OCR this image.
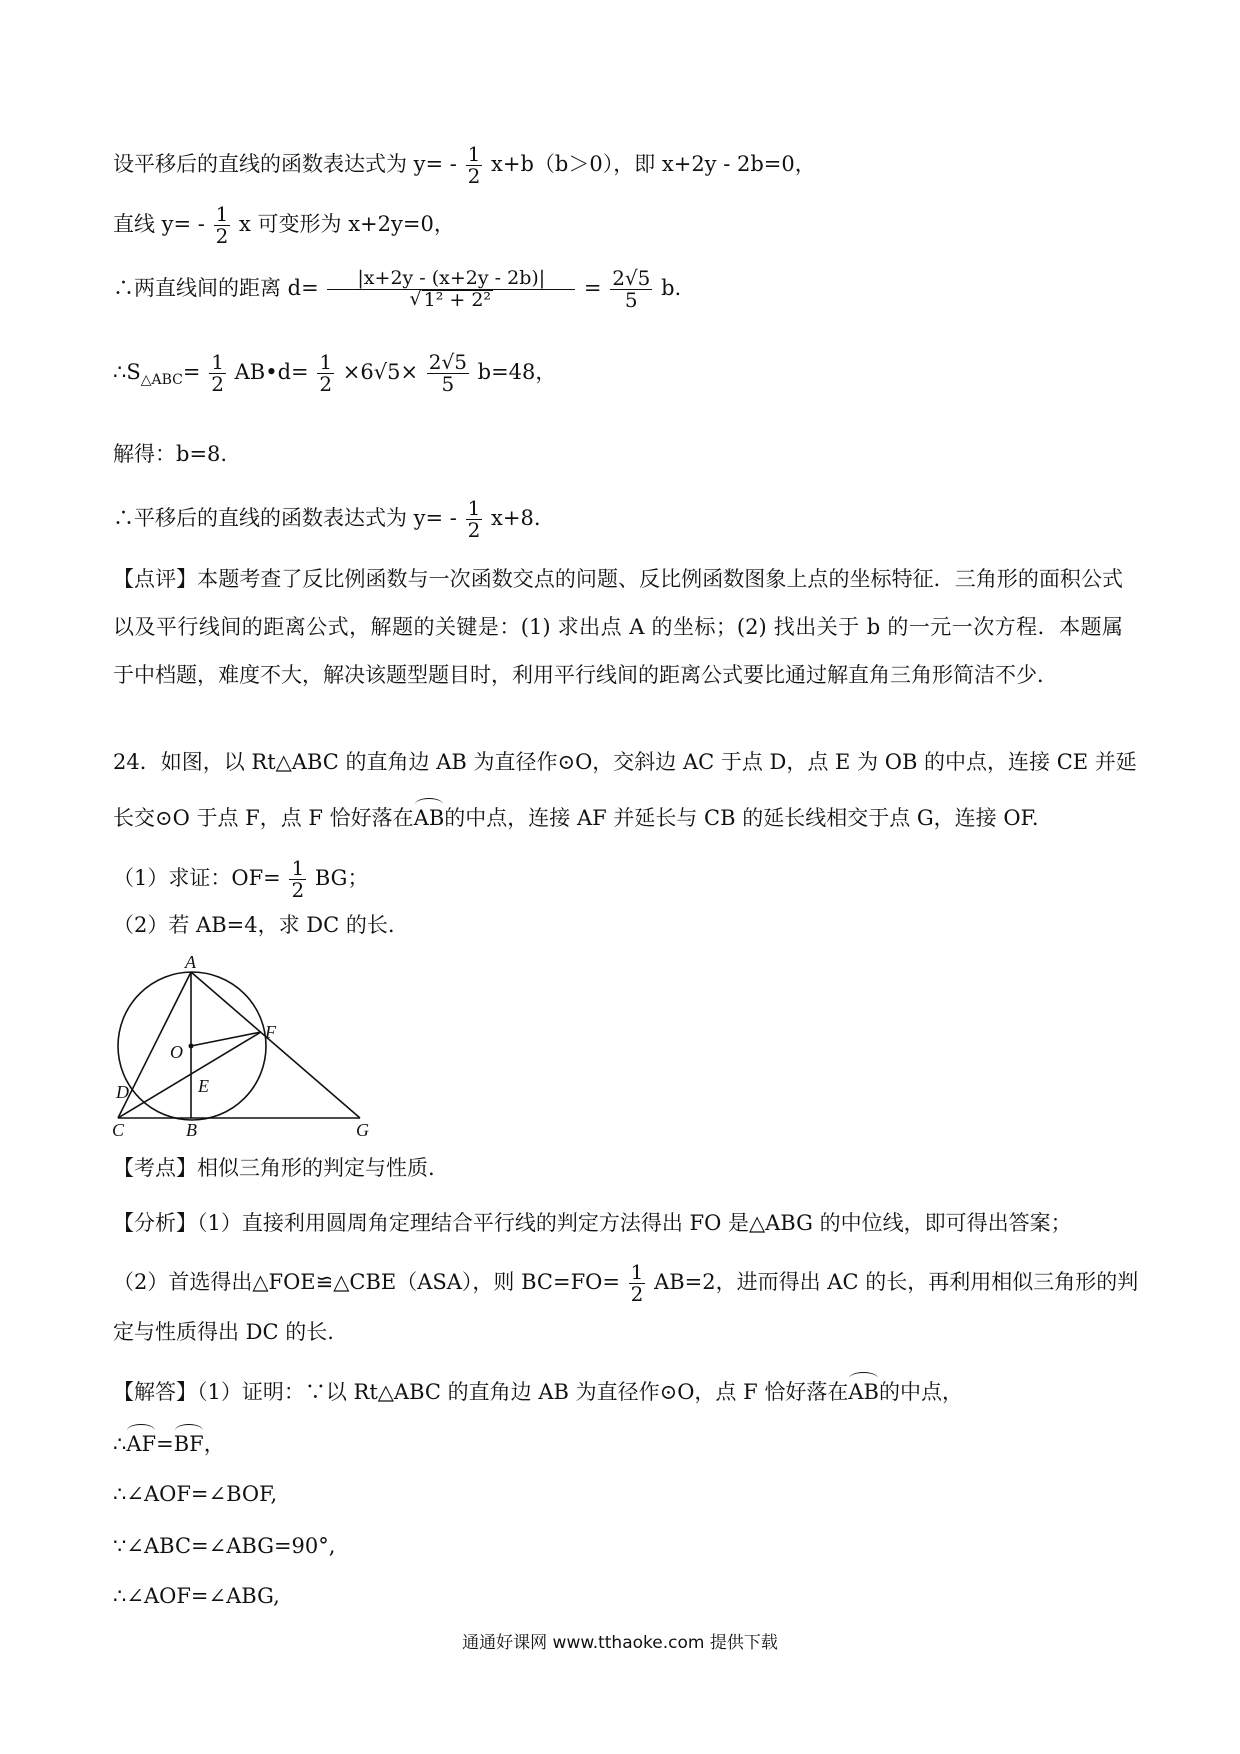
设平移后的直线的函数表达式为 $y= - \frac{1}{2} x+b(b>0)$，即 x+2y - 2b=0，
直线 $y= - \frac{1}{2}$ x 可变形为 x+2y=0，
∴两直线间的距离 $d= \frac{|x+2y - (x+2y - 2b)|}{\text{√ 1² + 2²}} = \frac{2√5}{5} b$.
$\therefore S_{\triangle ABC}= \frac{1}{2}$ AB•d= $\frac{1}{2} \times 6√5\times \frac{2√5}{5} b=48$，
解得：b=8.
∴平移后的直线的函数表达式为 $y= - \frac{1}{2} x+8$.
【点评】本题考查了反比例函数与一次函数交点的问题、反比例函数图象上点的坐标特征．三角形的面积公式以及平行线间的距离公式，解题的关键是：(1) 求出点 A 的坐标；(2) 找出关于 b 的一元一次方程．本题属于中档题，难度不大，解决该题型题目时，利用平行线间的距离公式要比通过解直角三角形简洁不少．
24．如图，以 Rt△ABC 的直角边 AB 为直径作⊙O，交斜边 AC 于点 D，点 E 为 OB 的中点，连接 CE 并延
长交⊙O 于点 F，点 F 恰好落在AB的中点，连接 AF 并延长与 CB 的延长线相交于点 G，连接 OF.
（1）求证：$OF= \frac{1}{2}$ BG；
（2）若 AB=4，求 DC 的长.
A
O
F
D	E
C	B	G
【考点】相似三角形的判定与性质.
【分析】（1）直接利用圆周角定理结合平行线的判定方法得出 FO 是△ABG 的中位线，即可得出答案；
（2）首选得出△FOE≌△CBE（ASA），则 $BC=FO= \frac{1}{2} AB=2$，进而得出 AC 的长，再利用相似三角形的判
定与性质得出 DC 的长.
【解答】（1）证明：∵以 Rt△ABC 的直角边 AB 为直径作⊙O，点 F 恰好落在AB的中点，
∴AF=BF，
∴∠AOF=∠BOF,
∵∠ABC=∠ABG=90°,
∴∠AOF=∠ABG,
通通好课网 www.tthaoke.com 提供下载
